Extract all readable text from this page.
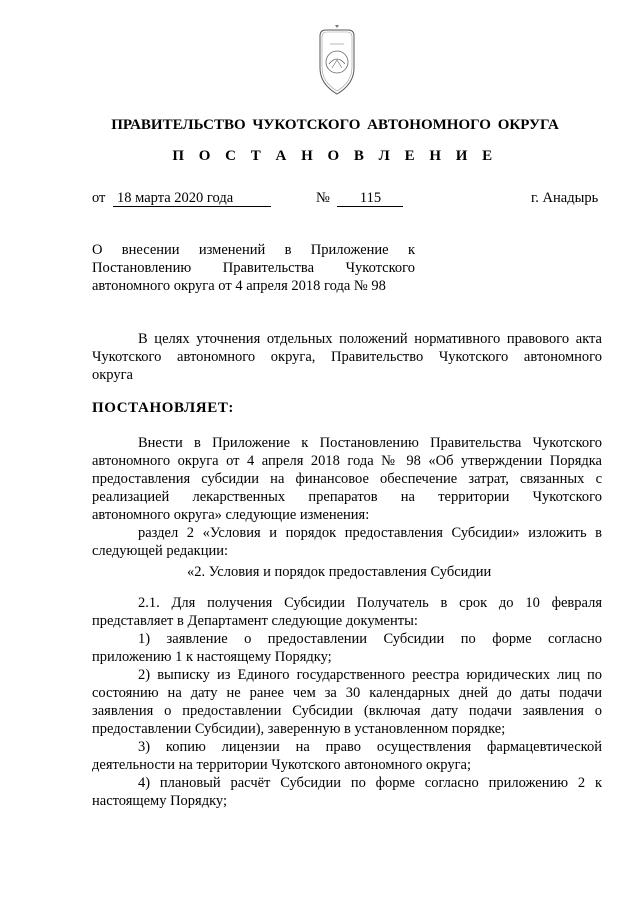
ПРАВИТЕЛЬСТВО ЧУКОТСКОГО АВТОНОМНОГО ОКРУГА
П О С Т А Н О В Л Е Н И Е
от 18 марта 2020 года	№ 115	г. Анадырь
О внесении изменений в Приложение к
Постановлению Правительства Чукотского
автономного округа от 4 апреля 2018 года № 98
В целях уточнения отдельных положений нормативного правового акта
Чукотского автономного округа, Правительство Чукотского автономного
округа
ПОСТАНОВЛЯЕТ:
Внести в Приложение к Постановлению Правительства Чукотского
автономного округа от 4 апреля 2018 года № 98 «Об утверждении Порядка
предоставления субсидии на финансовое обеспечение затрат, связанных с
реализацией лекарственных препаратов на территории Чукотского
автономного округа» следующие изменения:
раздел 2 «Условия и порядок предоставления Субсидии» изложить в
следующей редакции:
«2. Условия и порядок предоставления Субсидии
2.1. Для получения Субсидии Получатель в срок до 10 февраля
представляет в Департамент следующие документы:
1) заявление о предоставлении Субсидии по форме согласно
приложению 1 к настоящему Порядку;
2) выписку из Единого государственного реестра юридических лиц по
состоянию на дату не ранее чем за 30 календарных дней до даты подачи
заявления о предоставлении Субсидии (включая дату подачи заявления о
предоставлении Субсидии), заверенную в установленном порядке;
3) копию лицензии на право осуществления фармацевтической
деятельности на территории Чукотского автономного округа;
4) плановый расчёт Субсидии по форме согласно приложению 2 к
настоящему Порядку;
